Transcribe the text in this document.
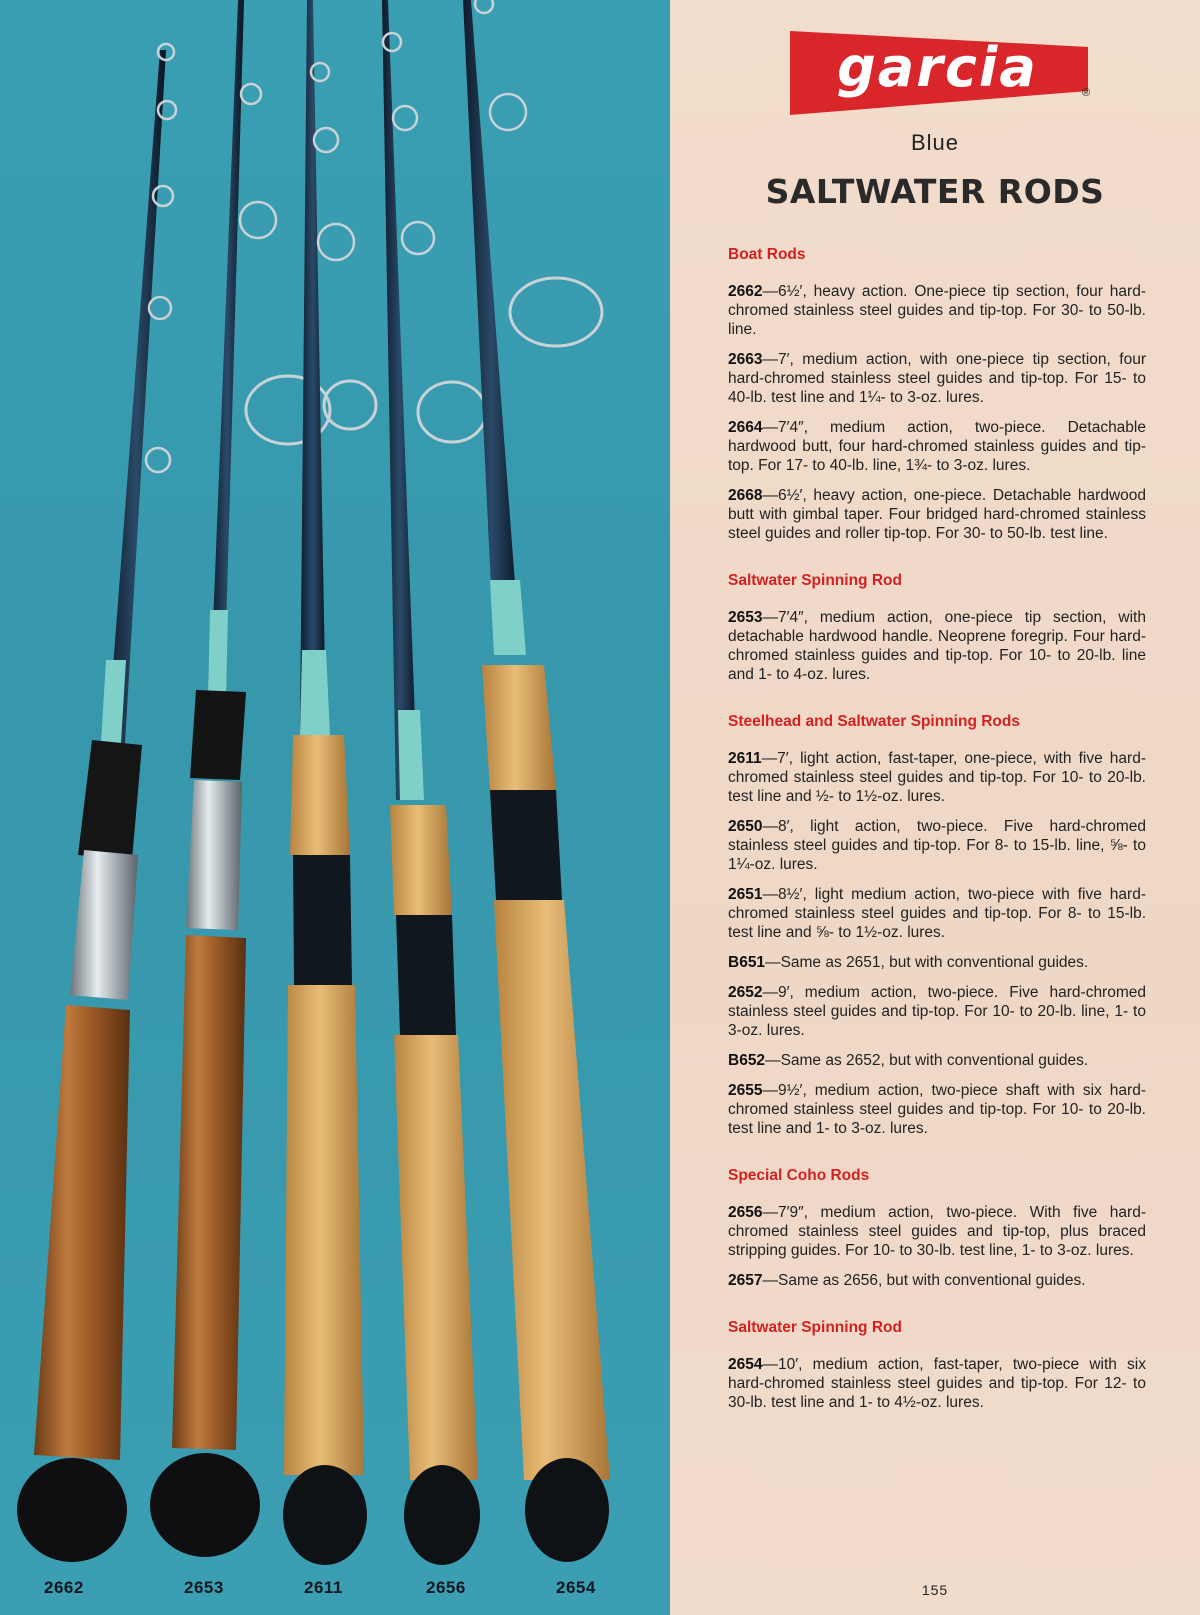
2662	2653	2611	2656	2654
garcia	®
Blue
SALTWATER RODS
Boat Rods
2662—6½′, heavy action. One-piece tip section, four hard-chromed stainless steel guides and tip-top. For 30- to 50-lb. line.
2663—7′, medium action, with one-piece tip section, four hard-chromed stainless steel guides and tip-top. For 15- to 40-lb. test line and 1¼- to 3-oz. lures.
2664—7′4″, medium action, two-piece. Detachable hardwood butt, four hard-chromed stainless guides and tip-top. For 17- to 40-lb. line, 1¾- to 3-oz. lures.
2668—6½′, heavy action, one-piece. Detachable hardwood butt with gimbal taper. Four bridged hard-chromed stainless steel guides and roller tip-top. For 30- to 50-lb. test line.
Saltwater Spinning Rod
2653—7′4″, medium action, one-piece tip section, with detachable hardwood handle. Neoprene foregrip. Four hard-chromed stainless guides and tip-top. For 10- to 20-lb. line and 1- to 4-oz. lures.
Steelhead and Saltwater Spinning Rods
2611—7′, light action, fast-taper, one-piece, with five hard-chromed stainless steel guides and tip-top. For 10- to 20-lb. test line and ½- to 1½-oz. lures.
2650—8′, light action, two-piece. Five hard-chromed stainless steel guides and tip-top. For 8- to 15-lb. line, ⅝- to 1¼-oz. lures.
2651—8½′, light medium action, two-piece with five hard-chromed stainless steel guides and tip-top. For 8- to 15-lb. test line and ⅝- to 1½-oz. lures.
B651—Same as 2651, but with conventional guides.
2652—9′, medium action, two-piece. Five hard-chromed stainless steel guides and tip-top. For 10- to 20-lb. line, 1- to 3-oz. lures.
B652—Same as 2652, but with conventional guides.
2655—9½′, medium action, two-piece shaft with six hard-chromed stainless steel guides and tip-top. For 10- to 20-lb. test line and 1- to 3-oz. lures.
Special Coho Rods
2656—7′9″, medium action, two-piece. With five hard-chromed stainless steel guides and tip-top, plus braced stripping guides. For 10- to 30-lb. test line, 1- to 3-oz. lures.
2657—Same as 2656, but with conventional guides.
Saltwater Spinning Rod
2654—10′, medium action, fast-taper, two-piece with six hard-chromed stainless steel guides and tip-top. For 12- to 30-lb. test line and 1- to 4½-oz. lures.
155
